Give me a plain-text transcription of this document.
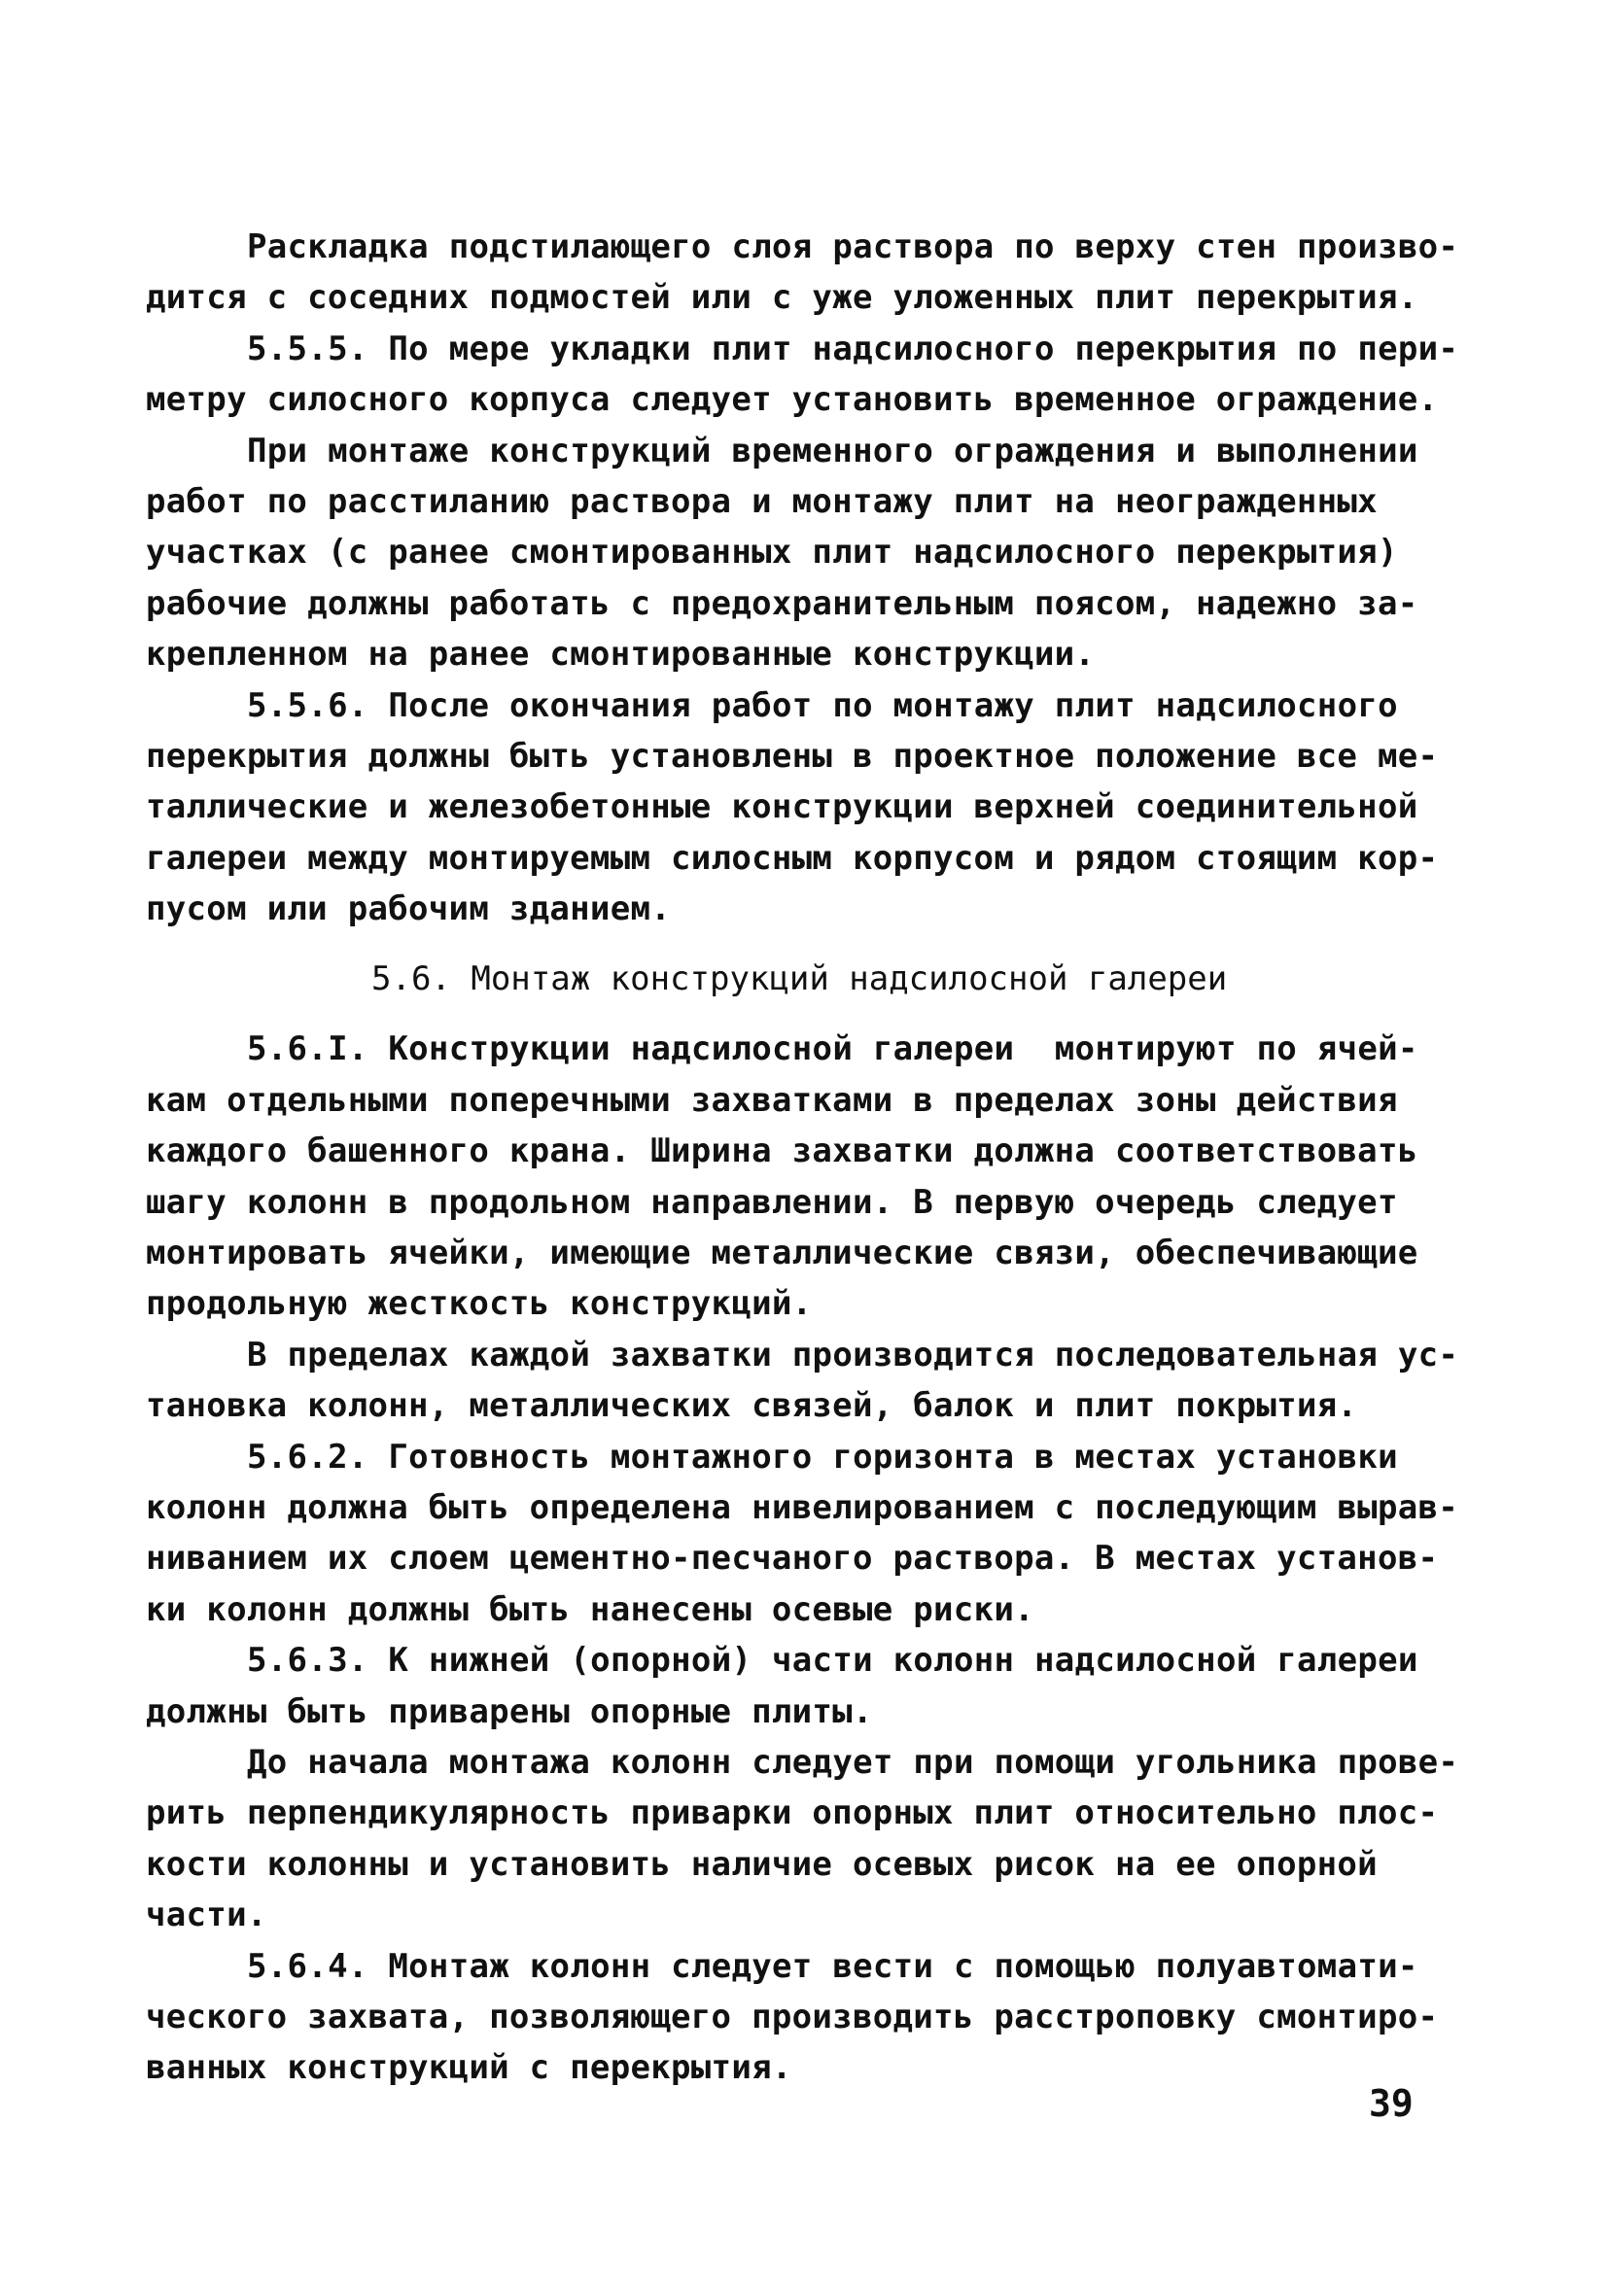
Раскладка подстилающего слоя раствора по верху стен произво-
дится с соседних подмостей или с уже уложенных плит перекрытия.
5.5.5. По мере укладки плит надсилосного перекрытия по пери-
метру силосного корпуса следует установить временное ограждение.
При монтаже конструкций временного ограждения и выполнении
работ по расстиланию раствора и монтажу плит на неогражденных
участках (с ранее смонтированных плит надсилосного перекрытия)
рабочие должны работать с предохранительным поясом, надежно за-
крепленном на ранее смонтированные конструкции.
5.5.6. После окончания работ по монтажу плит надсилосного
перекрытия должны быть установлены в проектное положение все ме-
таллические и железобетонные конструкции верхней соединительной
галереи между монтируемым силосным корпусом и рядом стоящим кор-
пусом или рабочим зданием.
5.6. Монтаж конструкций надсилосной галереи
5.6.I. Конструкции надсилосной галереи  монтируют по ячей-
кам отдельными поперечными захватками в пределах зоны действия
каждого башенного крана. Ширина захватки должна соответствовать
шагу колонн в продольном направлении. В первую очередь следует
монтировать ячейки, имеющие металлические связи, обеспечивающие
продольную жесткость конструкций.
В пределах каждой захватки производится последовательная ус-
тановка колонн, металлических связей, балок и плит покрытия.
5.6.2. Готовность монтажного горизонта в местах установки
колонн должна быть определена нивелированием с последующим вырав-
ниванием их слоем цементно-песчаного раствора. В местах установ-
ки колонн должны быть нанесены осевые риски.
5.6.3. К нижней (опорной) части колонн надсилосной галереи
должны быть приварены опорные плиты.
До начала монтажа колонн следует при помощи угольника прове-
рить перпендикулярность приварки опорных плит относительно плос-
кости колонны и установить наличие осевых рисок на ее опорной
части.
5.6.4. Монтаж колонн следует вести с помощью полуавтомати-
ческого захвата, позволяющего производить расстроповку смонтиро-
ванных конструкций с перекрытия.
39
